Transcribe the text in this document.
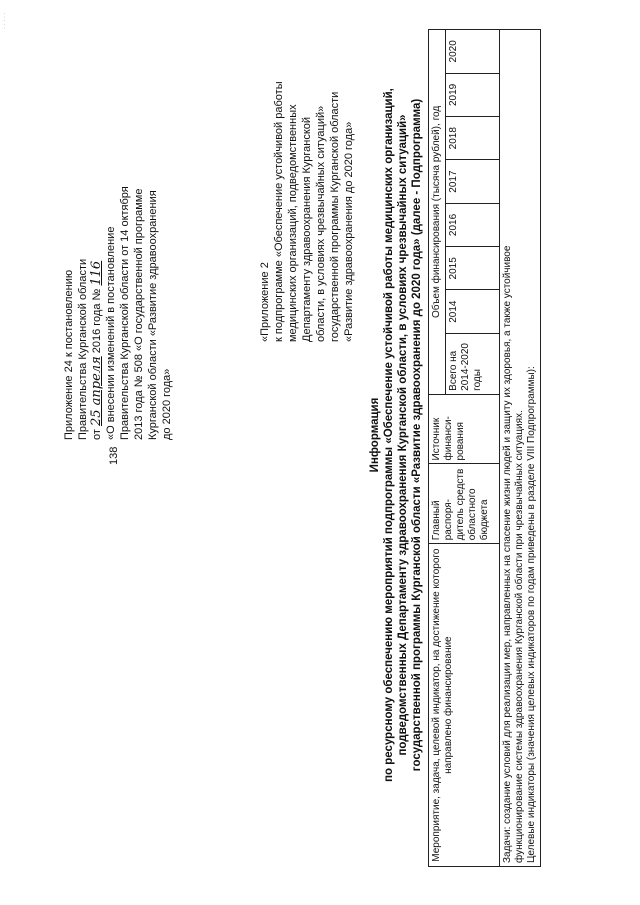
· · · · ·
138
Приложение 24 к постановлению Правительства Курганской области от 25 апреля 2016 года № 116 «О внесении изменений в постановление Правительства Курганской области от 14 октября 2013 года № 508 «О государственной программе Курганской области «Развитие здравоохранения до 2020 года»
«Приложение 2 к подпрограмме «Обеспечение устойчивой работы медицинских организаций, подведомственных Департаменту здравоохранения Курганской области, в условиях чрезвычайных ситуаций» государственной программы Курганской области «Развитие здравоохранения до 2020 года»
Информация по ресурсному обеспечению мероприятий подпрограммы «Обеспечение устойчивой работы медицинских организаций, подведомственных Департаменту здравоохранения Курганской области, в условиях чрезвычайных ситуаций» государственной программы Курганской области «Развитие здравоохранения до 2020 года» (далее - Подпрограмма) Мероприятие, задача, целевой индикатор, на достижение которого направлено финансирование	Главный распоря-дитель средств областного бюджета	Источник финанси-рования	Объем финансирования (тысяча рублей), год							
			Всего на 2014-2020 годы	2014	2015	2016	2017	2018	2019	2020

Задачи: создание условий для реализации мер, направленных на спасение жизни людей и защиту их здоровья, а также устойчивое функционирование системы здравоохранения Курганской области при чрезвычайных ситуациях. Целевые индикаторы (значения целевых индикаторов по годам приведены в разделе VIII Подпрограммы):										
